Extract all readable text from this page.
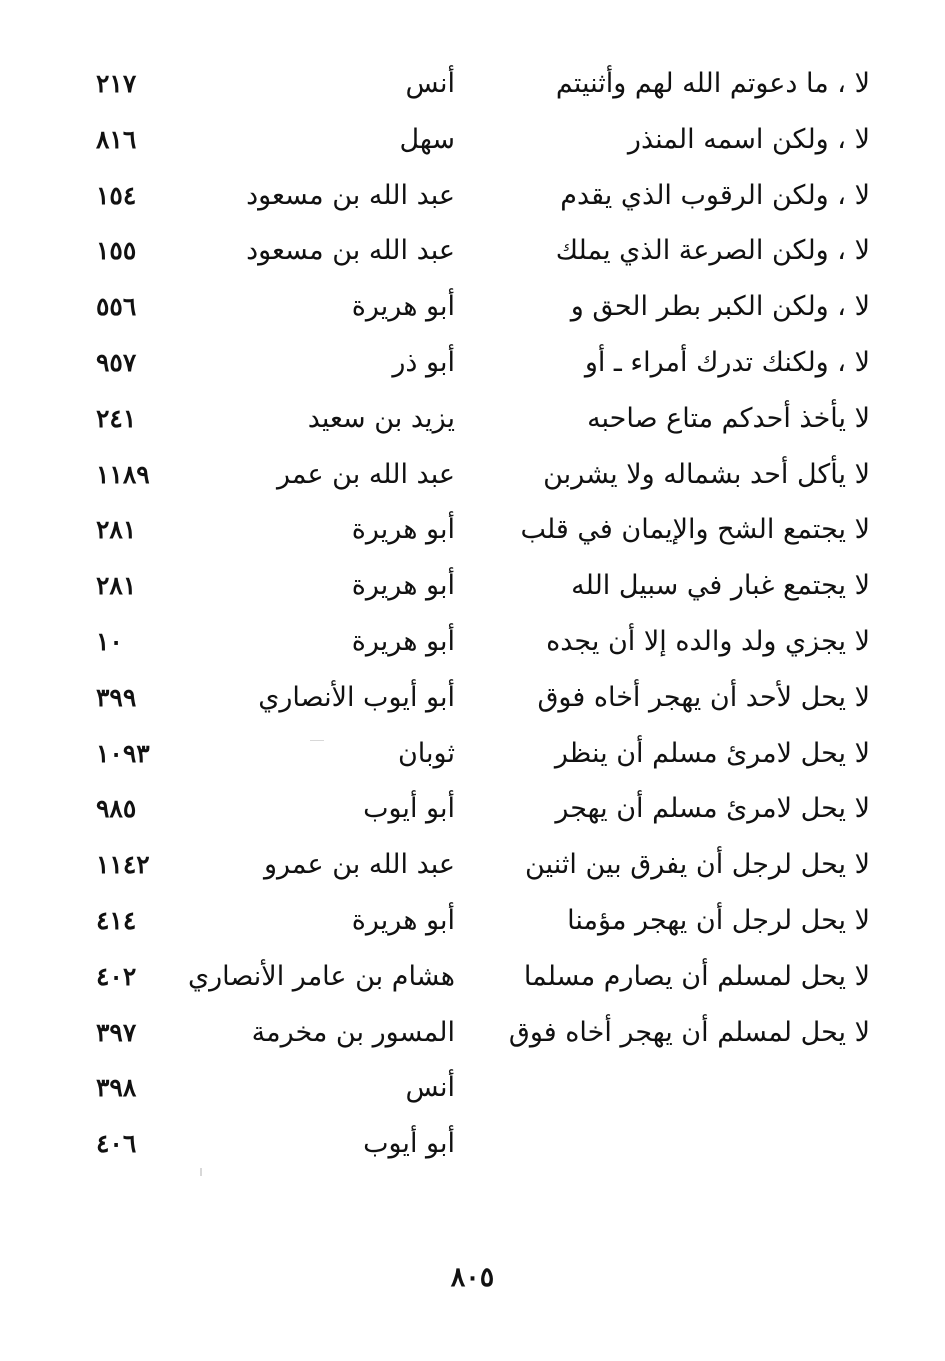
لا ، ما دعوتم الله لهم وأثنيتم
أنس
٢١٧
لا ، ولكن اسمه المنذر
سهل
٨١٦
لا ، ولكن الرقوب الذي يقدم
عبد الله بن مسعود
١٥٤
لا ، ولكن الصرعة الذي يملك
عبد الله بن مسعود
١٥٥
لا ، ولكن الكبر بطر الحق و
أبو هريرة
٥٥٦
لا ، ولكنك تدرك أمراء ـ أو
أبو ذر
٩٥٧
لا يأخذ أحدكم متاع صاحبه
يزيد بن سعيد
٢٤١
لا يأكل أحد بشماله ولا يشربن
عبد الله بن عمر
١١٨٩
لا يجتمع الشح والإيمان في قلب
أبو هريرة
٢٨١
لا يجتمع غبار في سبيل الله
أبو هريرة
٢٨١
لا يجزي ولد والده إلا أن يجده
أبو هريرة
١٠
لا يحل لأحد أن يهجر أخاه فوق
أبو أيوب الأنصاري
٣٩٩
لا يحل لامرئ مسلم أن ينظر
ثوبان
١٠٩٣
لا يحل لامرئ مسلم أن يهجر
أبو أيوب
٩٨٥
لا يحل لرجل أن يفرق بين اثنين
عبد الله بن عمرو
١١٤٢
لا يحل لرجل أن يهجر مؤمنا
أبو هريرة
٤١٤
لا يحل لمسلم أن يصارم مسلما
هشام بن عامر الأنصاري
٤٠٢
لا يحل لمسلم أن يهجر أخاه فوق
المسور بن مخرمة
٣٩٧
أنس
٣٩٨
أبو أيوب
٤٠٦
٨٠٥
